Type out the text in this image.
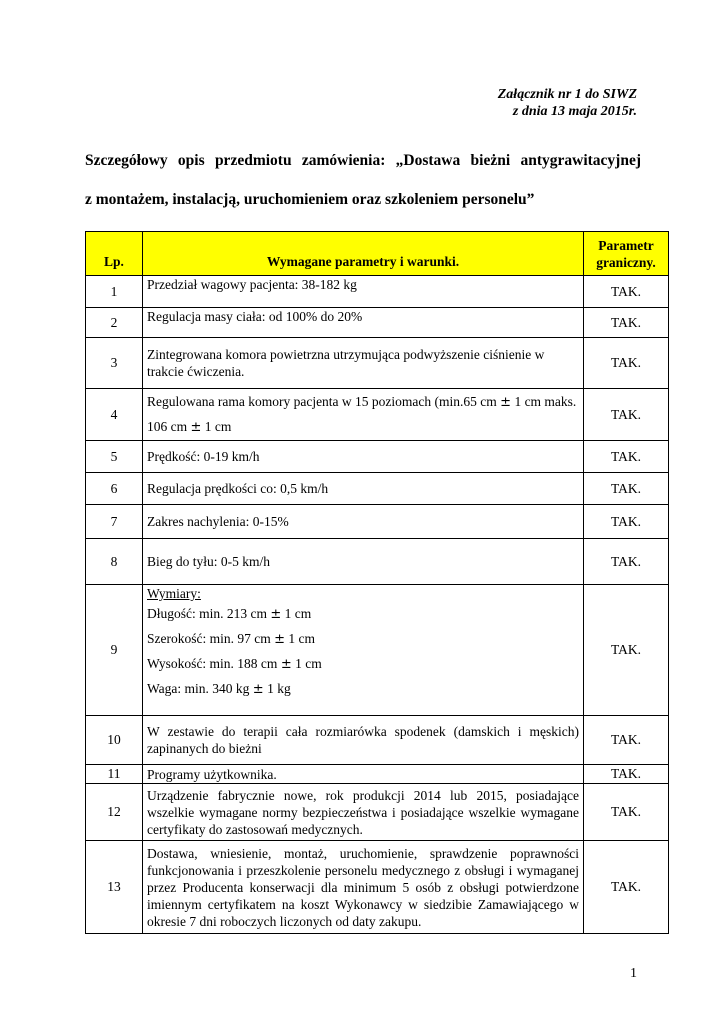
Załącznik nr 1 do SIWZ
z dnia 13 maja 2015r.
Szczegółowy opis przedmiotu zamówienia: „Dostawa bieżni antygrawitacyjnej
z montażem, instalacją, uruchomieniem oraz szkoleniem personelu”
Lp.	Wymagane parametry i warunki.	Parametr
graniczny.

1	Przedział wagowy pacjenta: 38-182 kg	TAK.
2	Regulacja masy ciała: od 100% do 20%	TAK.
3	Zintegrowana komora powietrzna utrzymująca podwyższenie ciśnienie w trakcie ćwiczenia.	TAK.
4	Regulowana rama komory pacjenta w 15 poziomach (min.65 cm ± 1 cm maks.
106 cm ± 1 cm	TAK.
5	Prędkość: 0-19 km/h	TAK.
6	Regulacja prędkości co: 0,5 km/h	TAK.
7	Zakres nachylenia: 0-15%	TAK.
8	Bieg do tyłu: 0-5 km/h	TAK.
9	Wymiary:
Długość: min. 213 cm ± 1 cm
Szerokość: min. 97 cm ± 1 cm
Wysokość: min. 188 cm ± 1 cm
Waga: min. 340 kg ± 1 kg	TAK.
10	W zestawie do terapii cała rozmiarówka spodenek (damskich i męskich) zapinanych do bieżni	TAK.
11	Programy użytkownika.	TAK.
12	Urządzenie fabrycznie nowe, rok produkcji 2014 lub 2015, posiadające wszelkie wymagane normy bezpieczeństwa i posiadające wszelkie wymagane certyfikaty do zastosowań medycznych.	TAK.
13	Dostawa, wniesienie, montaż, uruchomienie, sprawdzenie poprawności funkcjonowania i przeszkolenie personelu medycznego z obsługi i wymaganej przez Producenta konserwacji dla minimum 5 osób z obsługi potwierdzone imiennym certyfikatem na koszt Wykonawcy w siedzibie Zamawiającego w okresie 7 dni roboczych liczonych od daty zakupu.	TAK.
1
